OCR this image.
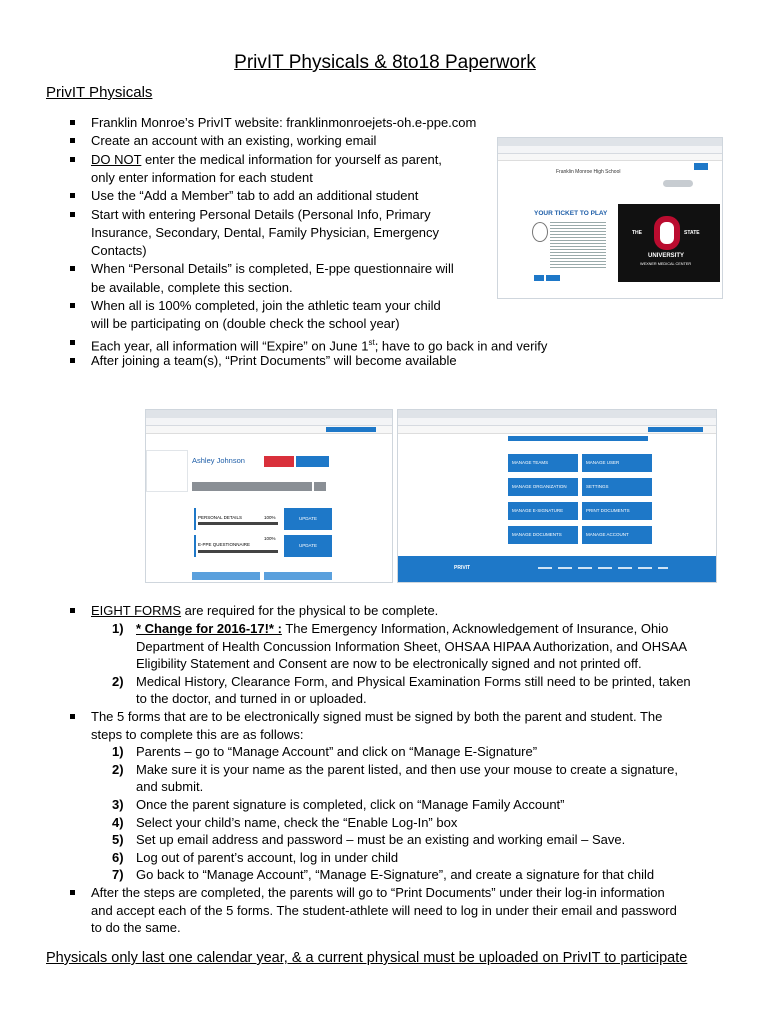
PrivIT Physicals & 8to18 Paperwork
PrivIT Physicals
Franklin Monroe’s PrivIT website: franklinmonroejets-oh.e-ppe.com
Create an account with an existing, working email
DO NOT enter the medical information for yourself as parent,
only enter information for each student
Use the “Add a Member” tab to add an additional student
Start with entering Personal Details (Personal Info, Primary
Insurance, Secondary, Dental, Family Physician, Emergency
Contacts)
When “Personal Details” is completed, E-ppe questionnaire will
be available, complete this section.
When all is 100% completed, join the athletic team your child
will be participating on (double check the school year)
Each year, all information will “Expire” on June 1st; have to go back in and verify
After joining a team(s), “Print Documents” will become available
EIGHT FORMS are required for the physical to be complete.
1) * Change for 2016-17!* : The Emergency Information, Acknowledgement of Insurance, Ohio
Department of Health Concussion Information Sheet, OHSAA HIPAA Authorization, and OHSAA
Eligibility Statement and Consent are now to be electronically signed and not printed off.
2) Medical History, Clearance Form, and Physical Examination Forms still need to be printed, taken
to the doctor, and turned in or uploaded.
The 5 forms that are to be electronically signed must be signed by both the parent and student. The
steps to complete this are as follows:
1) Parents – go to “Manage Account” and click on “Manage E-Signature”
2) Make sure it is your name as the parent listed, and then use your mouse to create a signature,
and submit.
3) Once the parent signature is completed, click on “Manage Family Account”
4) Select your child’s name, check the “Enable Log-In” box
5) Set up email address and password – must be an existing and working email – Save.
6) Log out of parent’s account, log in under child
7) Go back to “Manage Account”, “Manage E-Signature”, and create a signature for that child
After the steps are completed, the parents will go to “Print Documents” under their log-in information
and accept each of the 5 forms. The student-athlete will need to log in under their email and password
to do the same.
Franklin Monroe High School
YOUR TICKET TO PLAY
THE	STATE
UNIVERSITY
WEXNER MEDICAL CENTER
Ashley Johnson
PERSONAL DETAILS	100%	UPDATE
E-PPE QUESTIONNAIRE
100%
UPDATE
PRIVIT
MANAGE TEAMS	MANAGE USER
MANAGE ORGANIZATION	SETTINGS
MANAGE E-SIGNATURE	PRINT DOCUMENTS
MANAGE DOCUMENTS	MANAGE ACCOUNT
Physicals only last one calendar year, & a current physical must be uploaded on PrivIT to participate
